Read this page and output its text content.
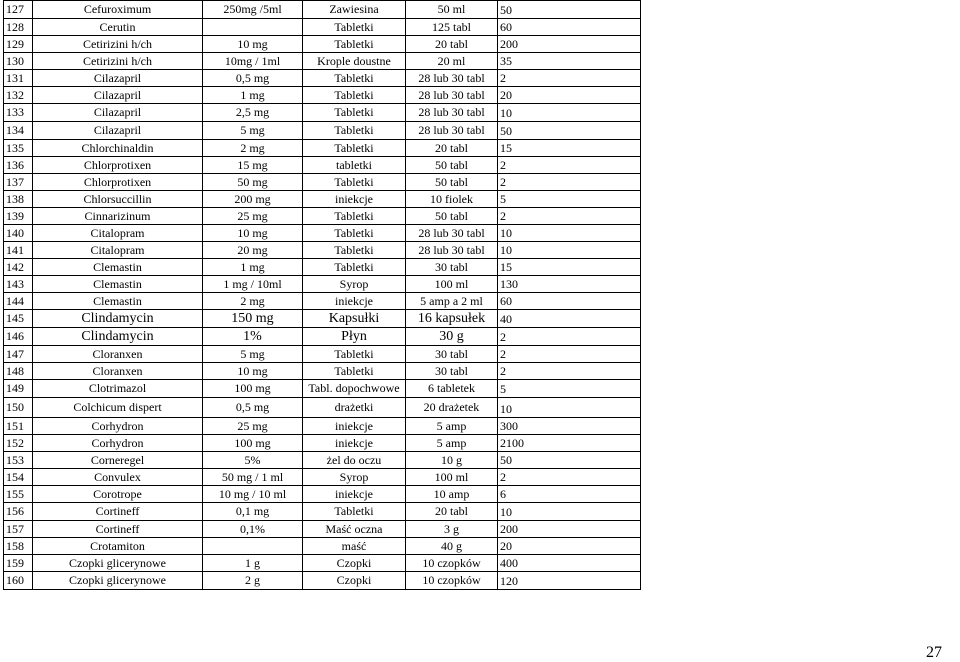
127	Cefuroximum	250mg /5ml	Zawiesina	50 ml	50
128	Cerutin		Tabletki	125 tabl	60
129	Cetirizini h/ch	10 mg	Tabletki	20 tabl	200
130	Cetirizini h/ch	10mg / 1ml	Krople doustne	20 ml	35
131	Cilazapril	0,5 mg	Tabletki	28 lub 30 tabl	2
132	Cilazapril	1 mg	Tabletki	28 lub 30 tabl	20
133	Cilazapril	2,5 mg	Tabletki	28 lub 30 tabl	10
134	Cilazapril	5 mg	Tabletki	28 lub 30 tabl	50
135	Chlorchinaldin	2 mg	Tabletki	20 tabl	15
136	Chlorprotixen	15 mg	tabletki	50 tabl	2
137	Chlorprotixen	50 mg	Tabletki	50 tabl	2
138	Chlorsuccillin	200 mg	iniekcje	10 fiolek	5
139	Cinnarizinum	25 mg	Tabletki	50 tabl	2
140	Citalopram	10 mg	Tabletki	28 lub 30 tabl	10
141	Citalopram	20 mg	Tabletki	28 lub 30 tabl	10
142	Clemastin	1 mg	Tabletki	30 tabl	15
143	Clemastin	1 mg / 10ml	Syrop	100 ml	130
144	Clemastin	2 mg	iniekcje	5 amp a 2 ml	60
145	Clindamycin	150 mg	Kapsułki	16 kapsułek	40
146	Clindamycin	1%	Płyn	30 g	2
147	Cloranxen	5 mg	Tabletki	30 tabl	2
148	Cloranxen	10 mg	Tabletki	30 tabl	2
149	Clotrimazol	100 mg	Tabl. dopochwowe	6 tabletek	5
150	Colchicum dispert	0,5 mg	drażetki	20 drażetek	10
151	Corhydron	25 mg	iniekcje	5 amp	300
152	Corhydron	100 mg	iniekcje	5 amp	2100
153	Corneregel	5%	żel do oczu	10 g	50
154	Convulex	50 mg / 1 ml	Syrop	100 ml	2
155	Corotrope	10 mg / 10 ml	iniekcje	10 amp	6
156	Cortineff	0,1 mg	Tabletki	20 tabl	10
157	Cortineff	0,1%	Maść oczna	3 g	200
158	Crotamiton		maść	40 g	20
159	Czopki glicerynowe	1 g	Czopki	10 czopków	400
160	Czopki glicerynowe	2 g	Czopki	10 czopków	120
27
